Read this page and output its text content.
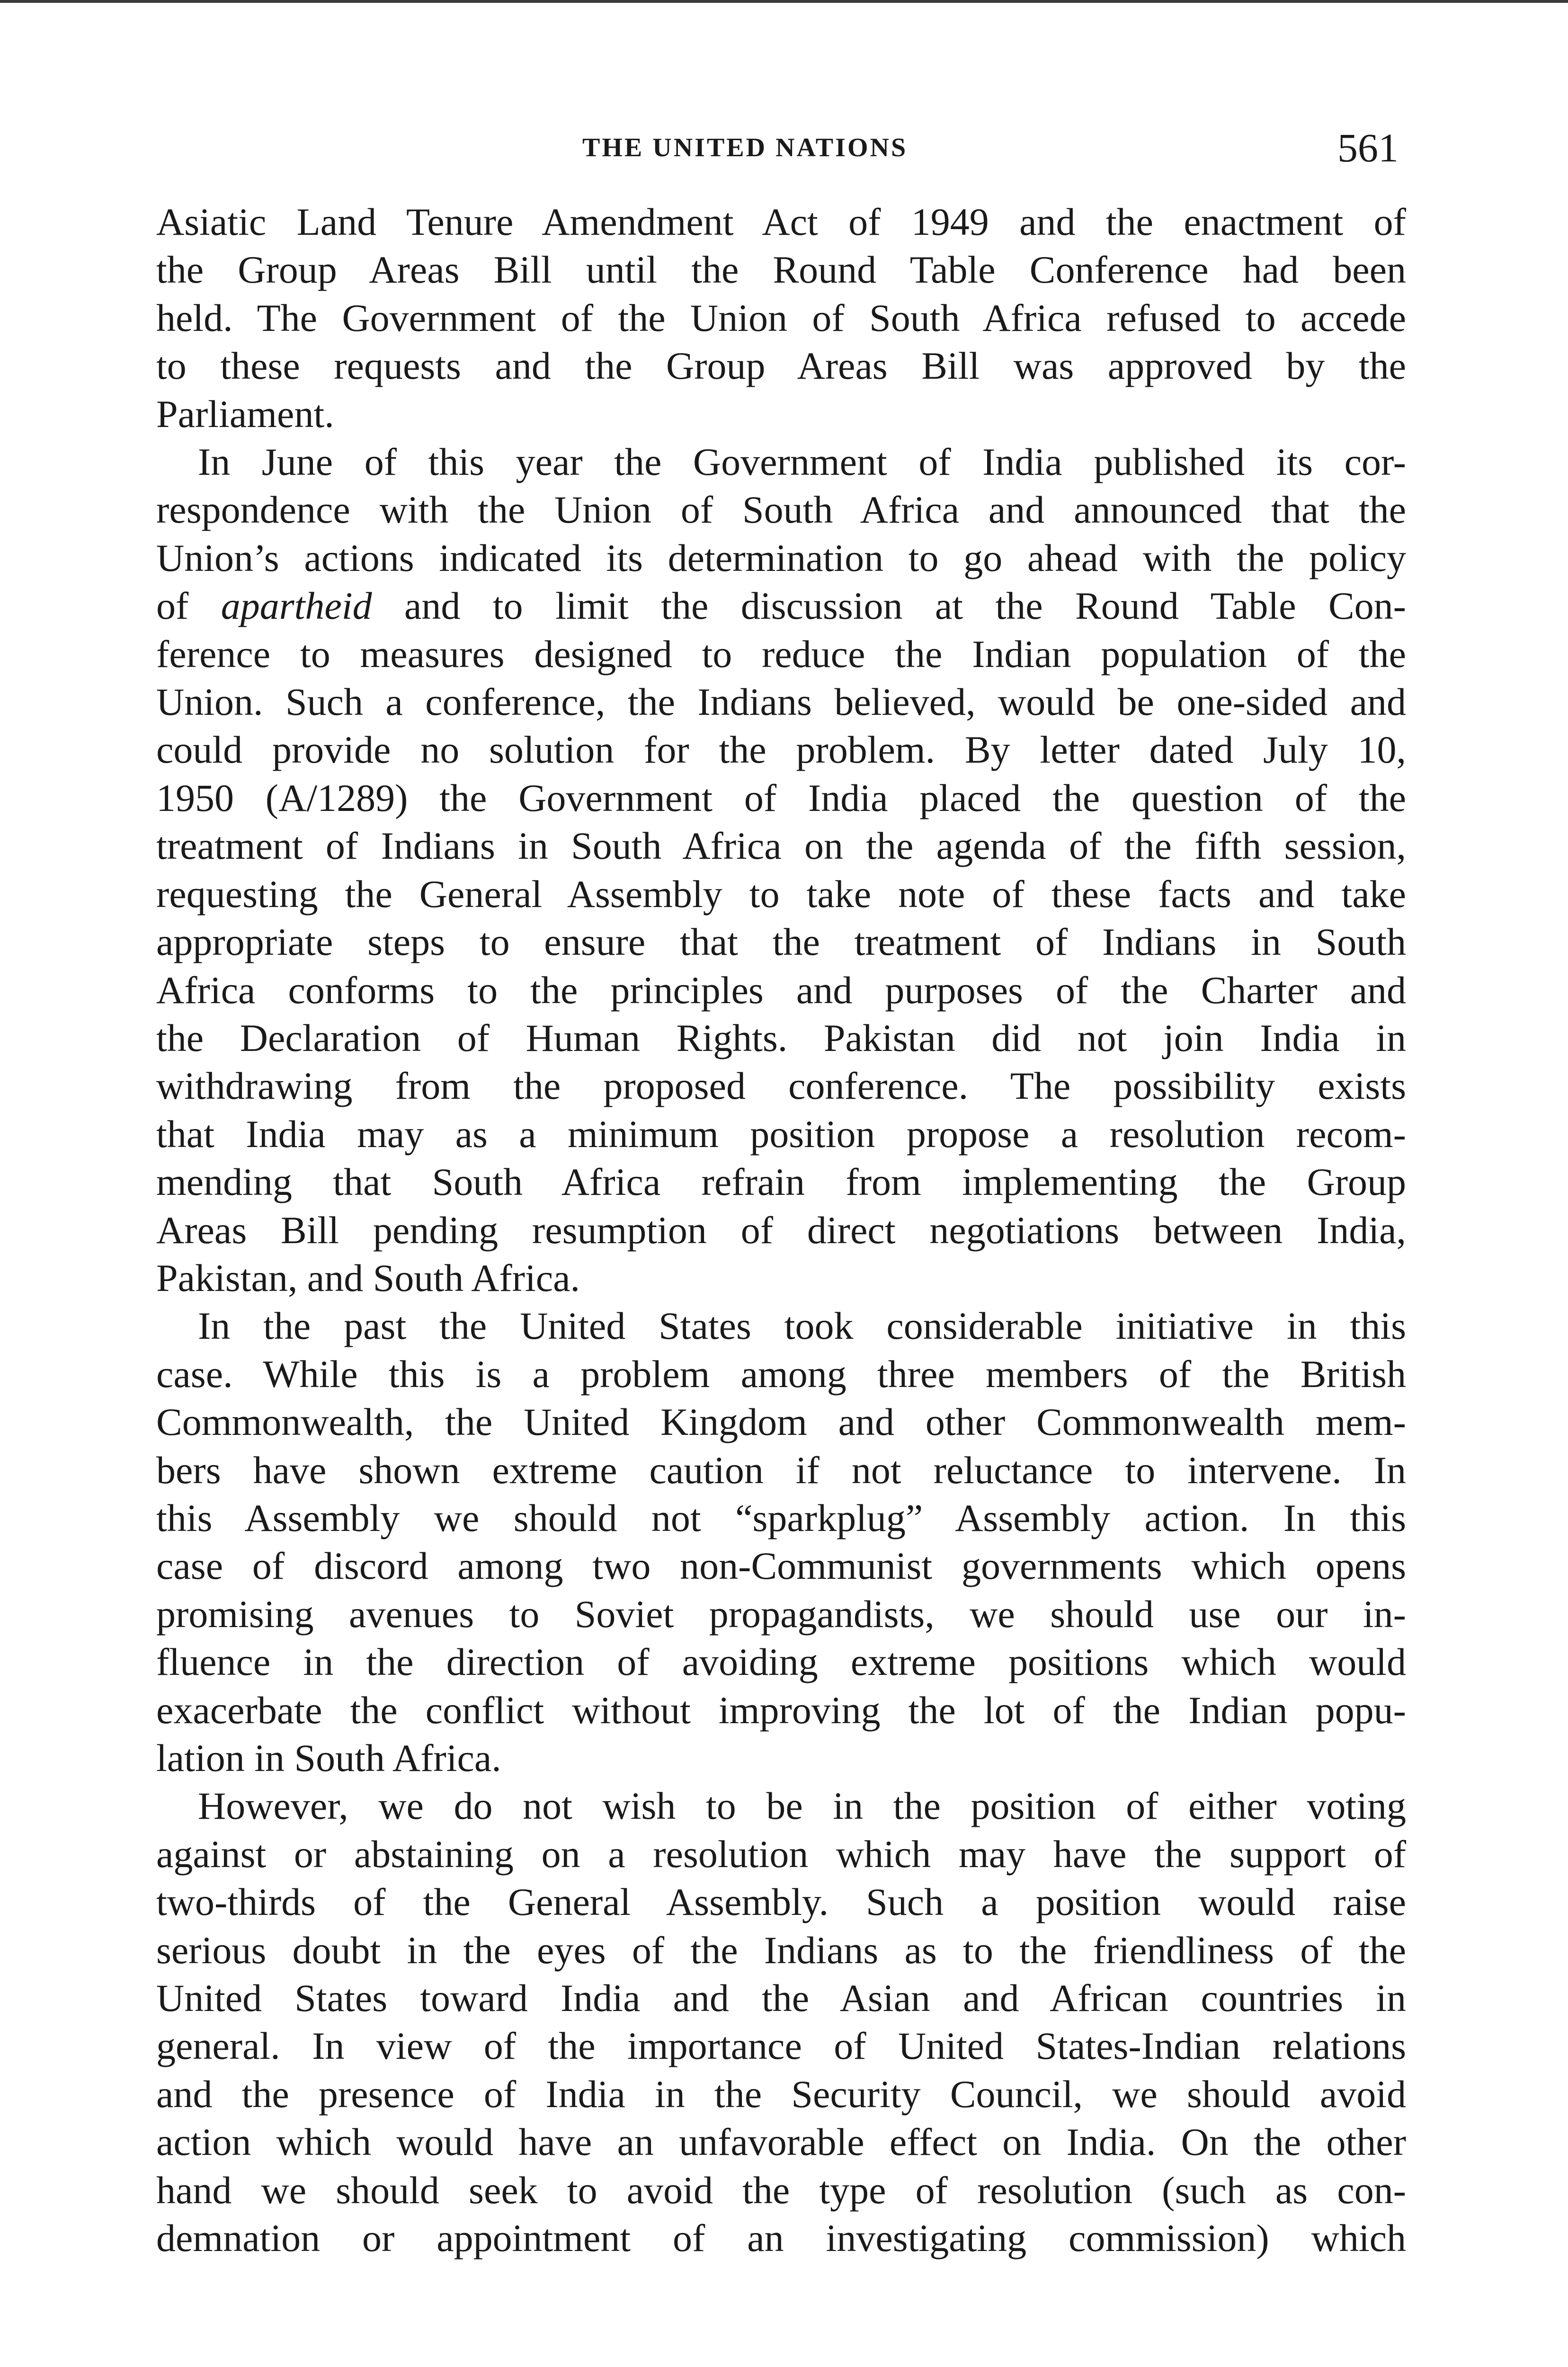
THE UNITED NATIONS	561
Asiatic Land Tenure Amendment Act of 1949 and the enactment of
the Group Areas Bill until the Round Table Conference had been
held. The Government of the Union of South Africa refused to accede
to these requests and the Group Areas Bill was approved by the
Parliament.
In June of this year the Government of India published its cor-
respondence with the Union of South Africa and announced that the
Union’s actions indicated its determination to go ahead with the policy
of apartheid and to limit the discussion at the Round Table Con-
ference to measures designed to reduce the Indian population of the
Union. Such a conference, the Indians believed, would be one-sided and
could provide no solution for the problem. By letter dated July 10,
1950 (A/1289) the Government of India placed the question of the
treatment of Indians in South Africa on the agenda of the fifth session,
requesting the General Assembly to take note of these facts and take
appropriate steps to ensure that the treatment of Indians in South
Africa conforms to the principles and purposes of the Charter and
the Declaration of Human Rights. Pakistan did not join India in
withdrawing from the proposed conference. The possibility exists
that India may as a minimum position propose a resolution recom-
mending that South Africa refrain from implementing the Group
Areas Bill pending resumption of direct negotiations between India,
Pakistan, and South Africa.
In the past the United States took considerable initiative in this
case. While this is a problem among three members of the British
Commonwealth, the United Kingdom and other Commonwealth mem-
bers have shown extreme caution if not reluctance to intervene. In
this Assembly we should not “sparkplug” Assembly action. In this
case of discord among two non-Communist governments which opens
promising avenues to Soviet propagandists, we should use our in-
fluence in the direction of avoiding extreme positions which would
exacerbate the conflict without improving the lot of the Indian popu-
lation in South Africa.
However, we do not wish to be in the position of either voting
against or abstaining on a resolution which may have the support of
two-thirds of the General Assembly. Such a position would raise
serious doubt in the eyes of the Indians as to the friendliness of the
United States toward India and the Asian and African countries in
general. In view of the importance of United States-Indian relations
and the presence of India in the Security Council, we should avoid
action which would have an unfavorable effect on India. On the other
hand we should seek to avoid the type of resolution (such as con-
demnation or appointment of an investigating commission) which
